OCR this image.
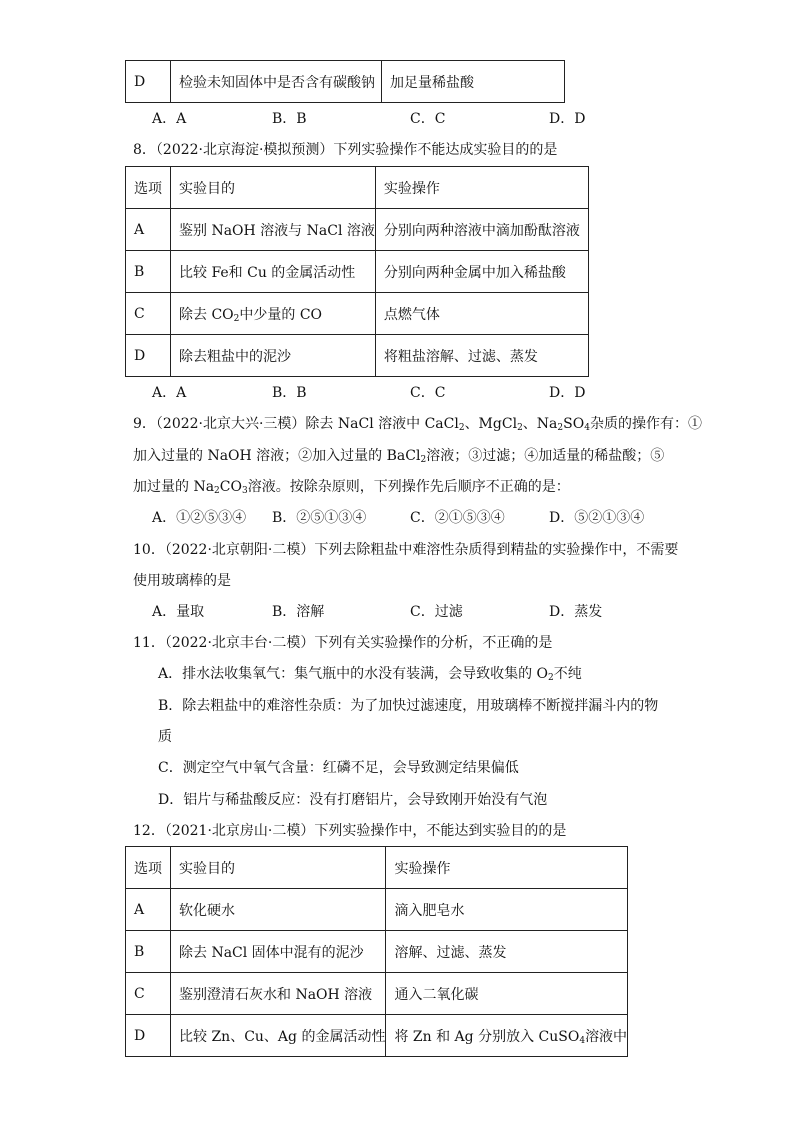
D	检验未知固体中是否含有碳酸钠	加足量稀盐酸
A．A	B．B	C．C	D．D
8．（2022·北京海淀·模拟预测）下列实验操作不能达成实验目的的是
选项	实验目的	实验操作
A	鉴别 NaOH 溶液与 NaCl 溶液	分别向两种溶液中滴加酚酞溶液
B	比较 Fe和 Cu 的金属活动性	分别向两种金属中加入稀盐酸
C	除去 $CO_2$中少量的 CO	点燃气体
D	除去粗盐中的泥沙	将粗盐溶解、过滤、蒸发
A．A	B．B	C．C	D．D
9．（2022·北京大兴·三模）除去 NaCl 溶液中 CaCl$_2$、MgCl$_2$、$Na_2SO_4$杂质的操作有：①
加入过量的 NaOH 溶液；②加入过量的 BaCl$_2$溶液；③过滤；④加适量的稀盐酸；⑤
加过量的 $Na_2CO_3$溶液。按除杂原则，下列操作先后顺序不正确的是：
A．①②⑤③④ B．②⑤①③④	C．②①⑤③④	D．⑤②①③④
10．（2022·北京朝阳·二模）下列去除粗盐中难溶性杂质得到精盐的实验操作中，不需要
使用玻璃棒的是
A．量取	B．溶解	C．过滤	D．蒸发
11．（2022·北京丰台·二模）下列有关实验操作的分析，不正确的是
A．排水法收集氧气：集气瓶中的水没有装满，会导致收集的 $O_2$不纯
B．除去粗盐中的难溶性杂质：为了加快过滤速度，用玻璃棒不断搅拌漏斗内的物
质
C．测定空气中氧气含量：红磷不足，会导致测定结果偏低
D．铝片与稀盐酸反应：没有打磨铝片，会导致刚开始没有气泡
12．（2021·北京房山·二模）下列实验操作中，不能达到实验目的的是
选项	实验目的	实验操作
A	软化硬水	滴入肥皂水
B	除去 NaCl 固体中混有的泥沙	溶解、过滤、蒸发
C	鉴别澄清石灰水和 NaOH 溶液	通入二氧化碳
D	比较 Zn、Cu、Ag 的金属活动性	将 Zn 和 Ag 分别放入 CuSO$_4$溶液中
